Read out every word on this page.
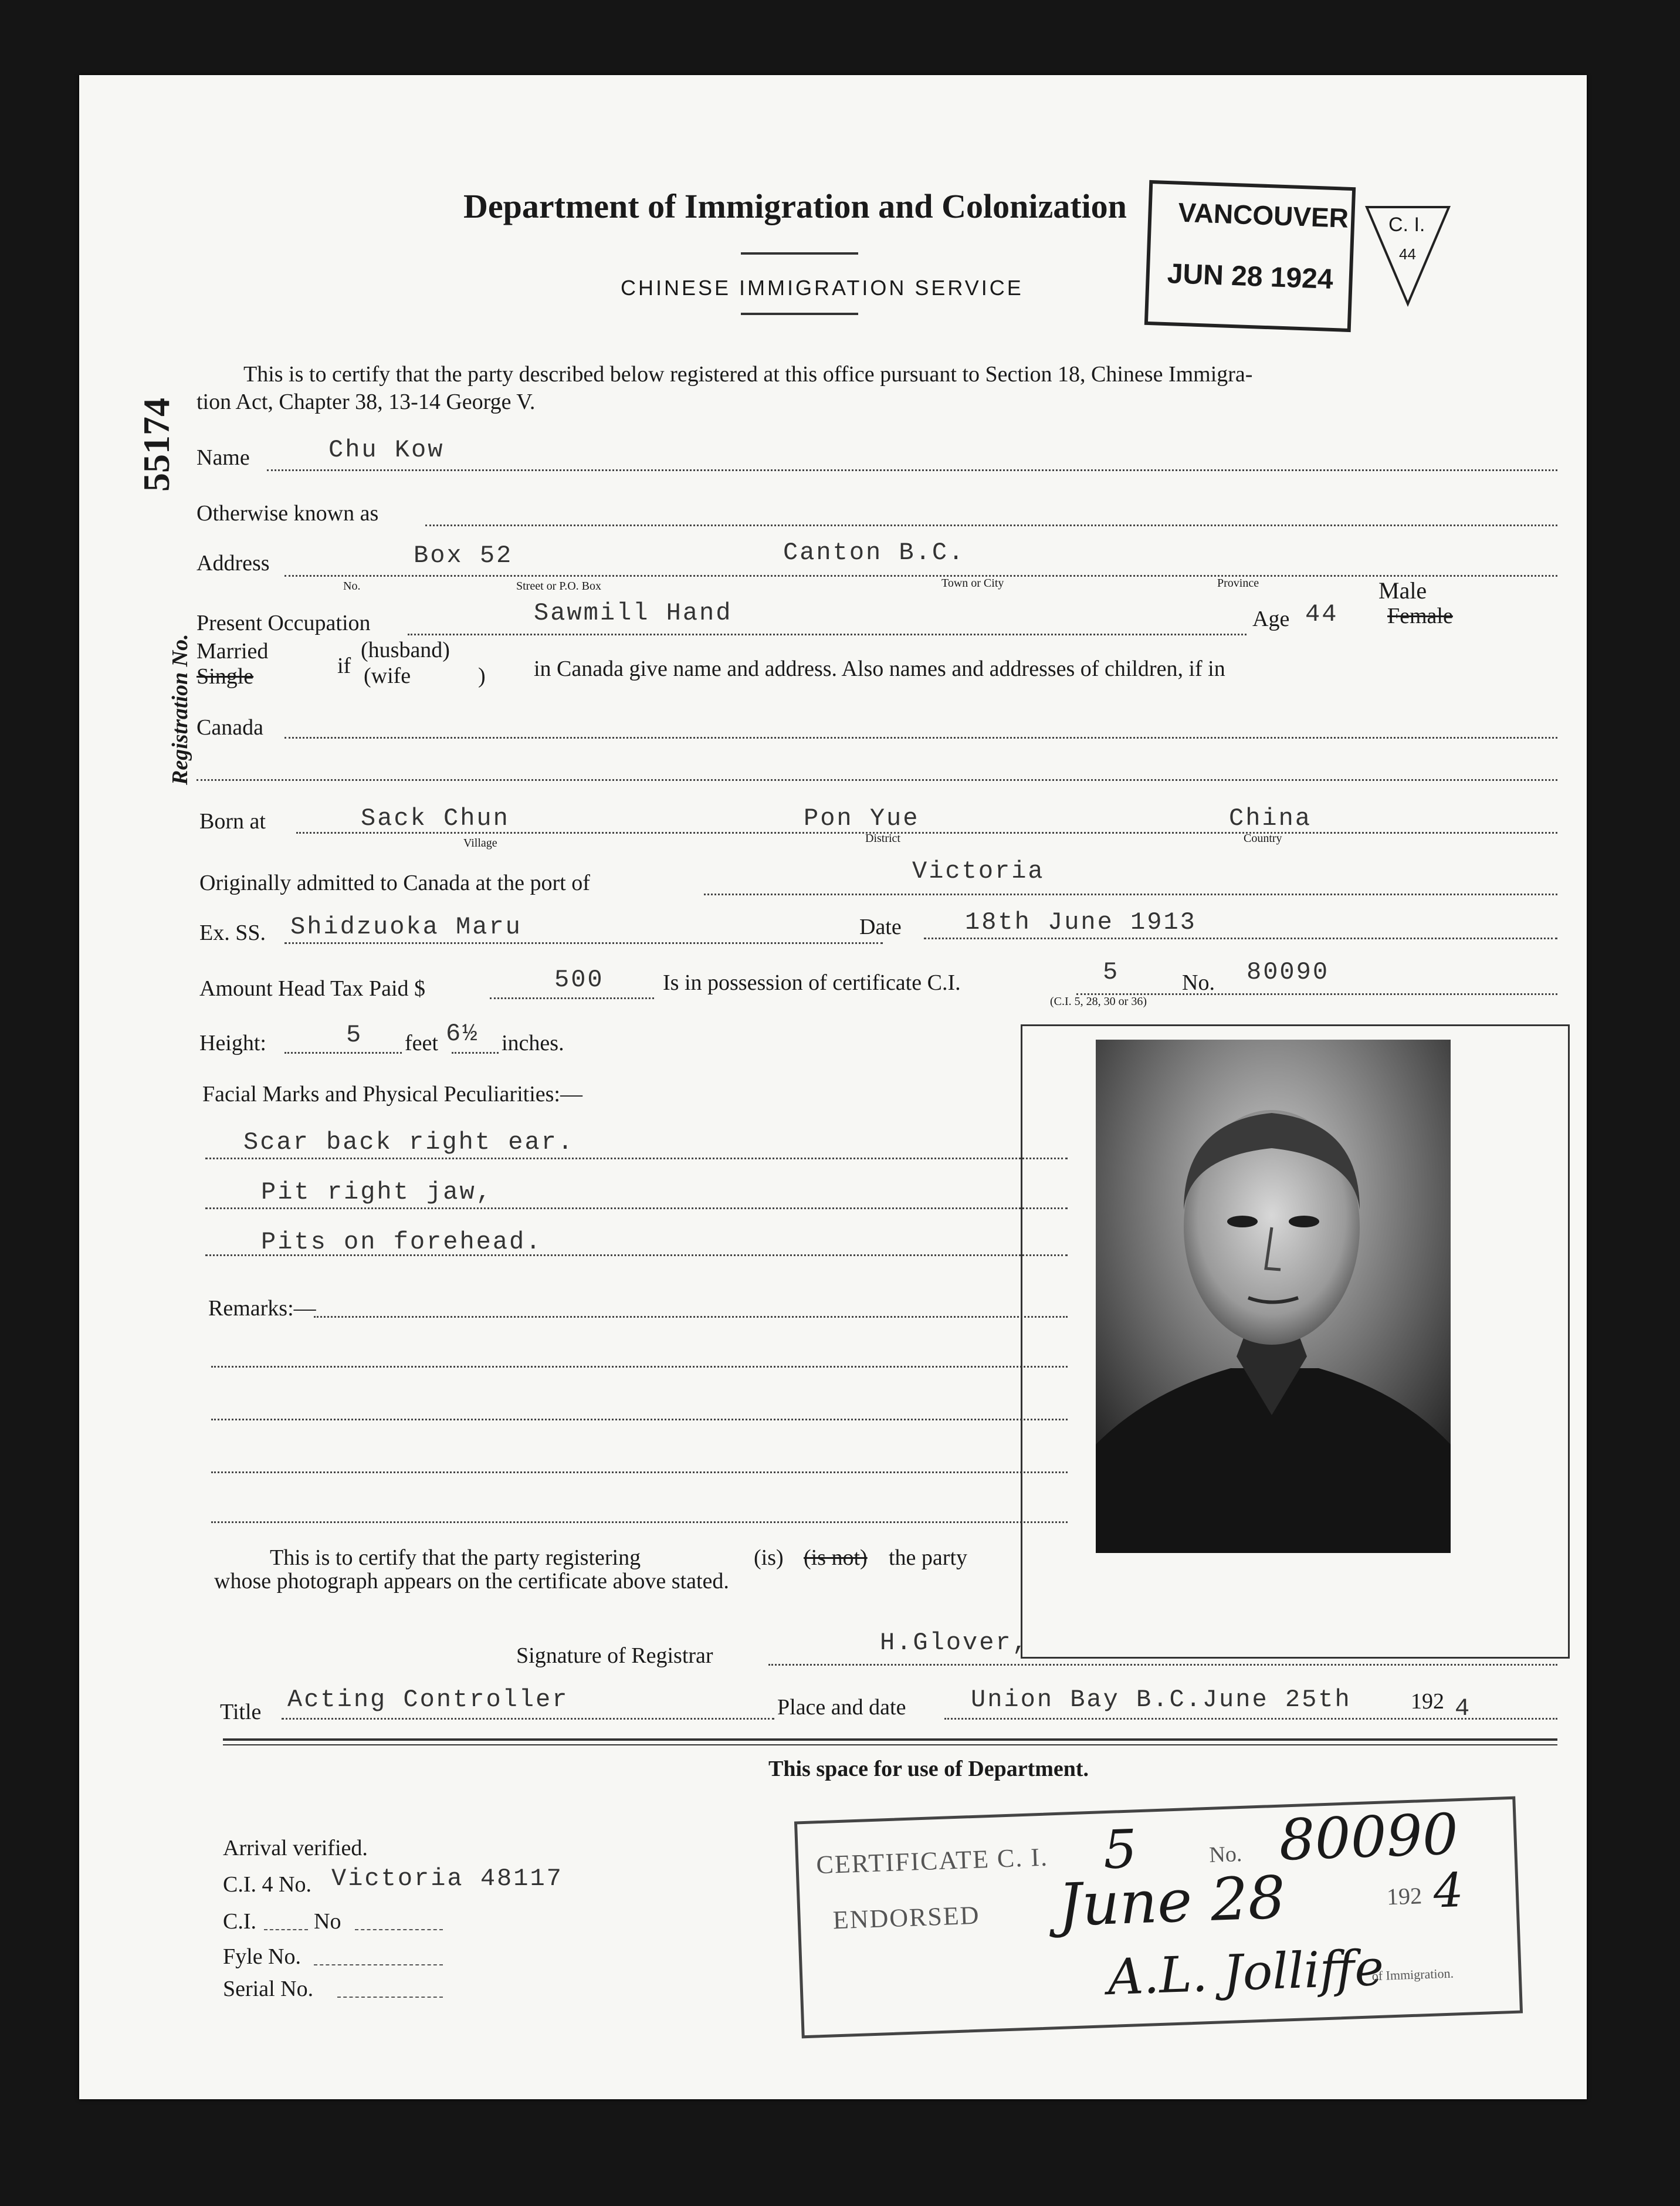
Department of Immigration and Colonization
CHINESE IMMIGRATION SERVICE
VANCOUVER
JUN 28 1924
C. I.
44
Registration No.
55174
This is to certify that the party described below registered at this office pursuant to Section 18, Chinese Immigra-
tion Act, Chapter 38, 13-14 George V.
Name	Chu Kow
Otherwise known as
Address	Box 52	Canton B.C.
No.	Street or P.O. Box	Town or City	Province	Male
Present Occupation	Sawmill Hand	Age 44 Female
Married
Single	if
(husband)
(wife	) in Canada give name and address. Also names and addresses of children, if in
Canada
Born at	Sack Chun	Pon Yue	China
Village	District	Country
Originally admitted to Canada at the port of	Victoria
Ex. SS. Shidzuoka Maru	Date	18th June 1913
Amount Head Tax Paid $	500	Is in possession of certificate C.I.	5	No. 80090
(C.I. 5, 28, 30 or 36)
Height:	5 feet 6½ inches.
Facial Marks and Physical Peculiarities:—
Scar back right ear.
Pit right jaw,
Pits on forehead.
Remarks:—
This is to certify that the party registering	(is) (is not) the party
whose photograph appears on the certificate above stated.
Signature of Registrar	H.Glover,
Title Acting Controller	Place and date	Union Bay B.C.June 25th	192 4
This space for use of Department.
Arrival verified.
C.I. 4 No. Victoria 48117
C.I.	No
Fyle No.
Serial No.
CERTIFICATE C. I. 5	No. 80090
ENDORSED June 28	192 4
A.L. Jolliffe
of Immigration.
